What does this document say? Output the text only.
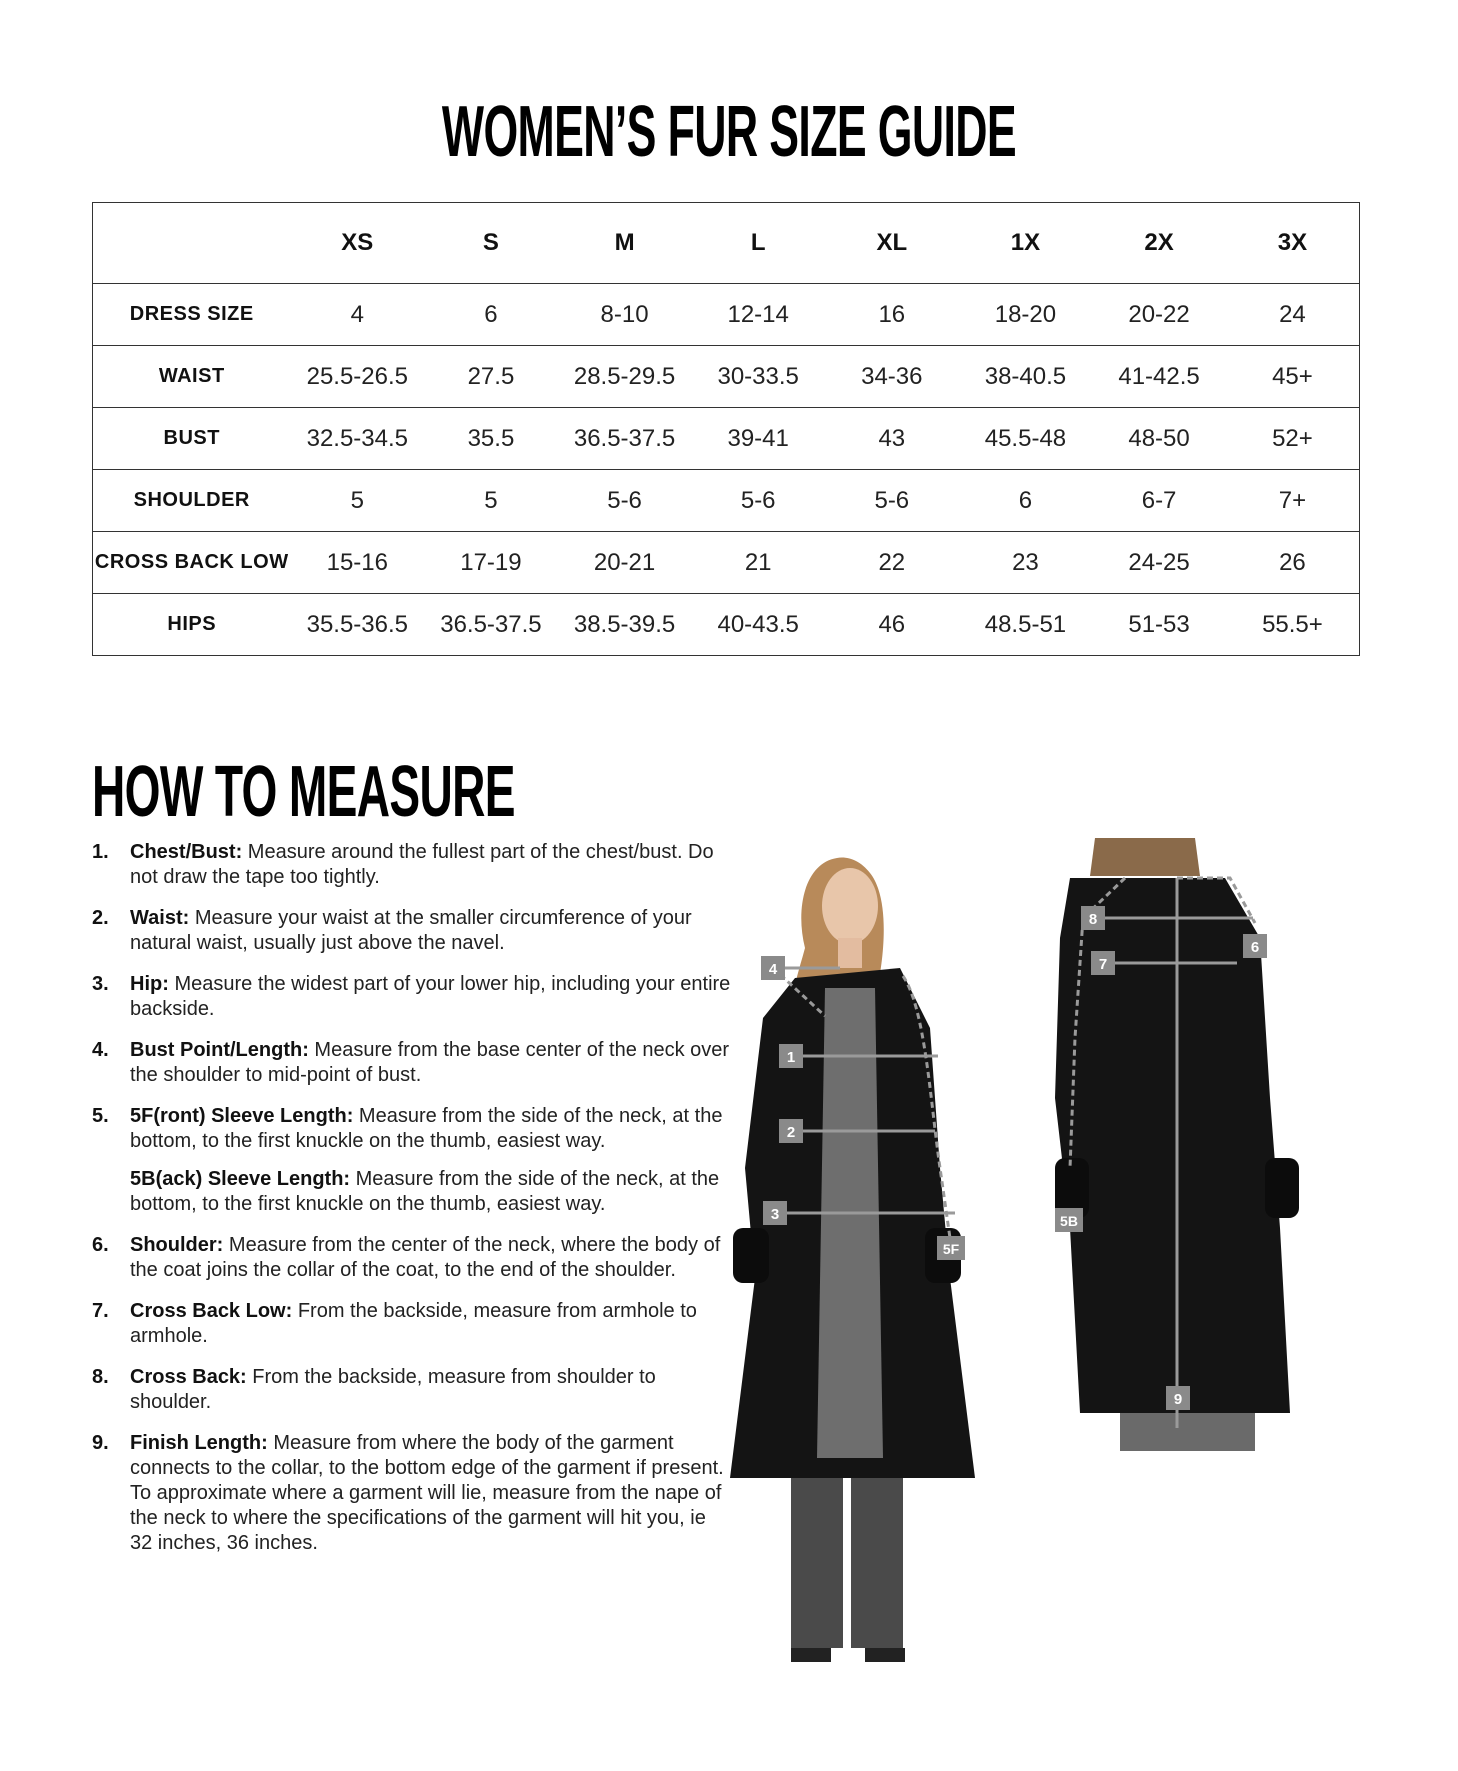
WOMEN’S FUR SIZE GUIDE
	XS	S	M	L	XL	1X	2X	3X
DRESS SIZE	4	6	8-10	12-14	16	18-20	20-22	24
WAIST	25.5-26.5	27.5	28.5-29.5	30-33.5	34-36	38-40.5	41-42.5	45+
BUST	32.5-34.5	35.5	36.5-37.5	39-41	43	45.5-48	48-50	52+
SHOULDER	5	5	5-6	5-6	5-6	6	6-7	7+
CROSS BACK LOW	15-16	17-19	20-21	21	22	23	24-25	26
HIPS	35.5-36.5	36.5-37.5	38.5-39.5	40-43.5	46	48.5-51	51-53	55.5+
HOW TO MEASURE
1. Chest/Bust: Measure around the fullest part of the chest/bust. Do not draw the tape too tightly.
2. Waist: Measure your waist at the smaller circumference of your natural waist, usually just above the navel.
3. Hip: Measure the widest part of your lower hip, including your entire backside.
4. Bust Point/Length: Measure from the base center of the neck over the shoulder to mid-point of bust.
5. 5F(ront) Sleeve Length: Measure from the side of the neck, at the bottom, to the first knuckle on the thumb, easiest way.
5B(ack) Sleeve Length: Measure from the side of the neck, at the bottom, to the first knuckle on the thumb, easiest way.
6. Shoulder: Measure from the center of the neck, where the body of the coat joins the collar of the coat, to the end of the shoulder.
7. Cross Back Low: From the backside, measure from armhole to armhole.
8. Cross Back: From the backside, measure from shoulder to shoulder.
9. Finish Length: Measure from where the body of the garment connects to the collar, to the bottom edge of the garment if present. To approximate where a garment will lie, measure from the nape of the neck to where the specifications of the garment will hit you, ie 32 inches, 36 inches.
4
1
2
3
5F
8
6
7
5B
9
